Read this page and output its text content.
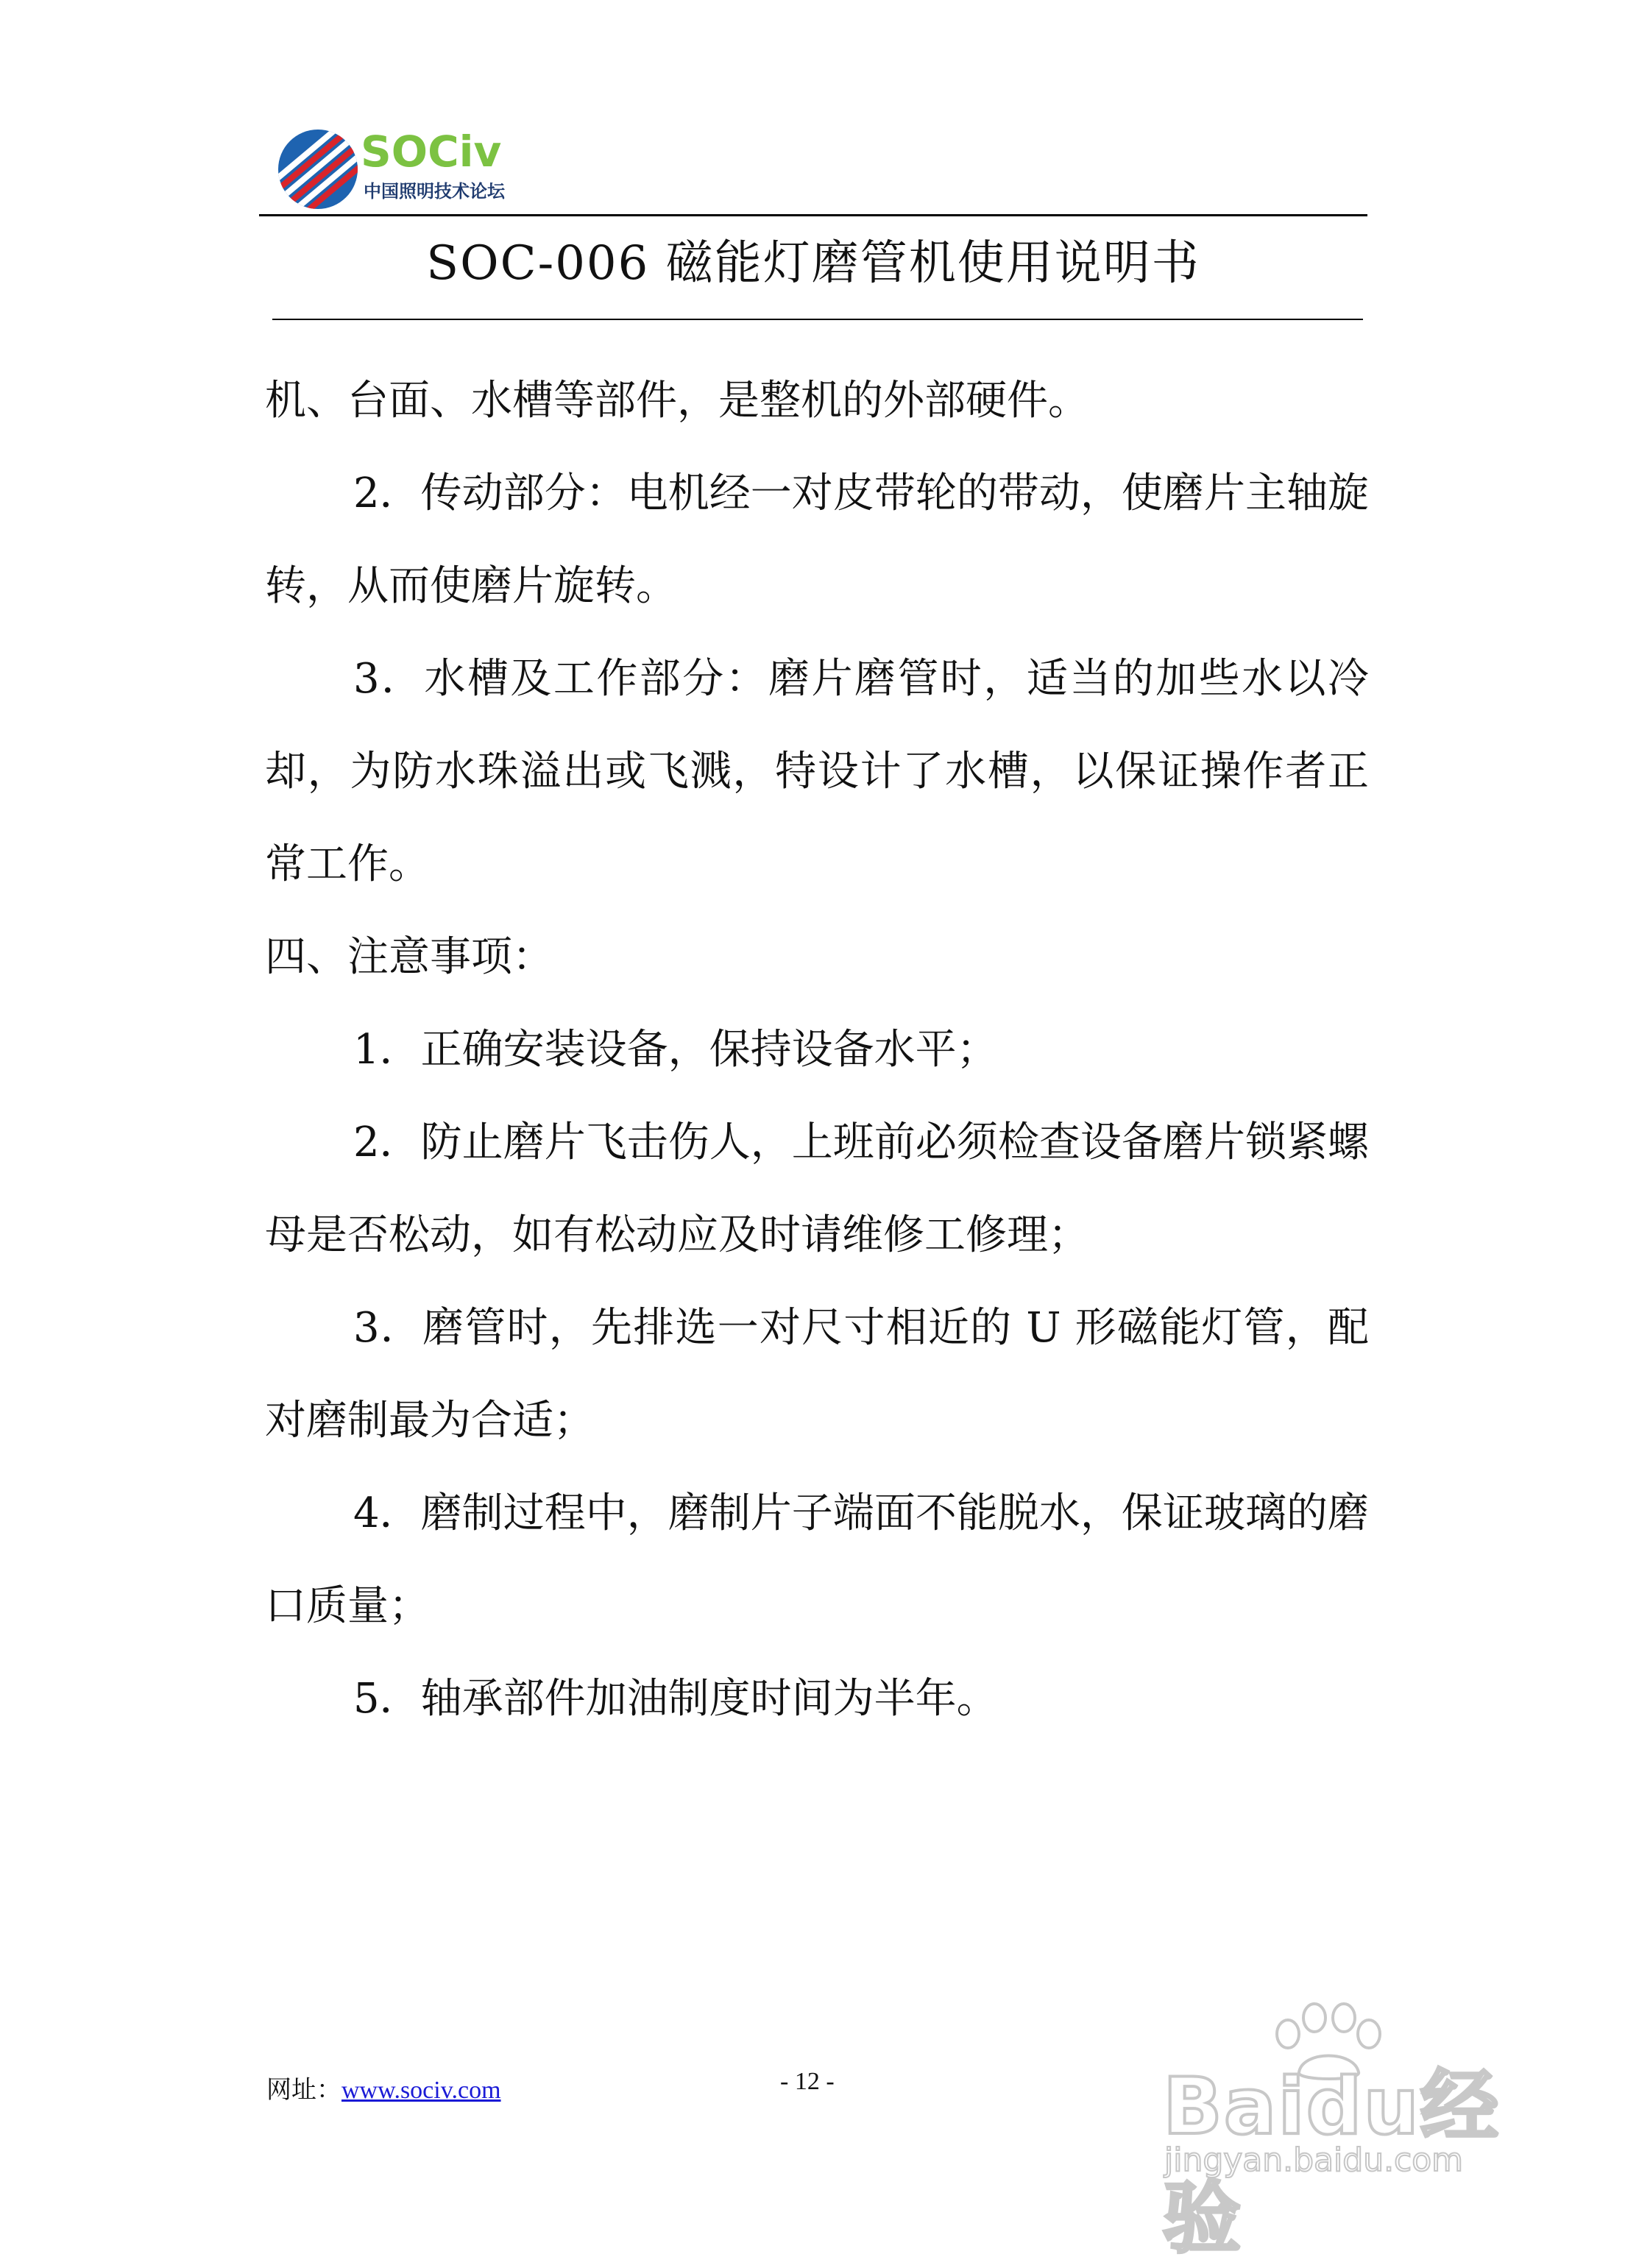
SOCiv
中国照明技术论坛
SOC-006 磁能灯磨管机使用说明书
机、台面、水槽等部件，是整机的外部硬件。
2．传动部分：电机经一对皮带轮的带动，使磨片主轴旋转，从而使磨片旋转。
3．水槽及工作部分：磨片磨管时，适当的加些水以冷却，为防水珠溢出或飞溅，特设计了水槽，以保证操作者正常工作。
四、注意事项：
1．正确安装设备，保持设备水平；
2．防止磨片飞击伤人，上班前必须检查设备磨片锁紧螺母是否松动，如有松动应及时请维修工修理；
3．磨管时，先排选一对尺寸相近的 U 形磁能灯管，配对磨制最为合适；
4．磨制过程中，磨制片子端面不能脱水，保证玻璃的磨口质量；
5．轴承部件加油制度时间为半年。
网址：www.sociv.com	- 12 -	Baidu经验
jingyan.baidu.com
